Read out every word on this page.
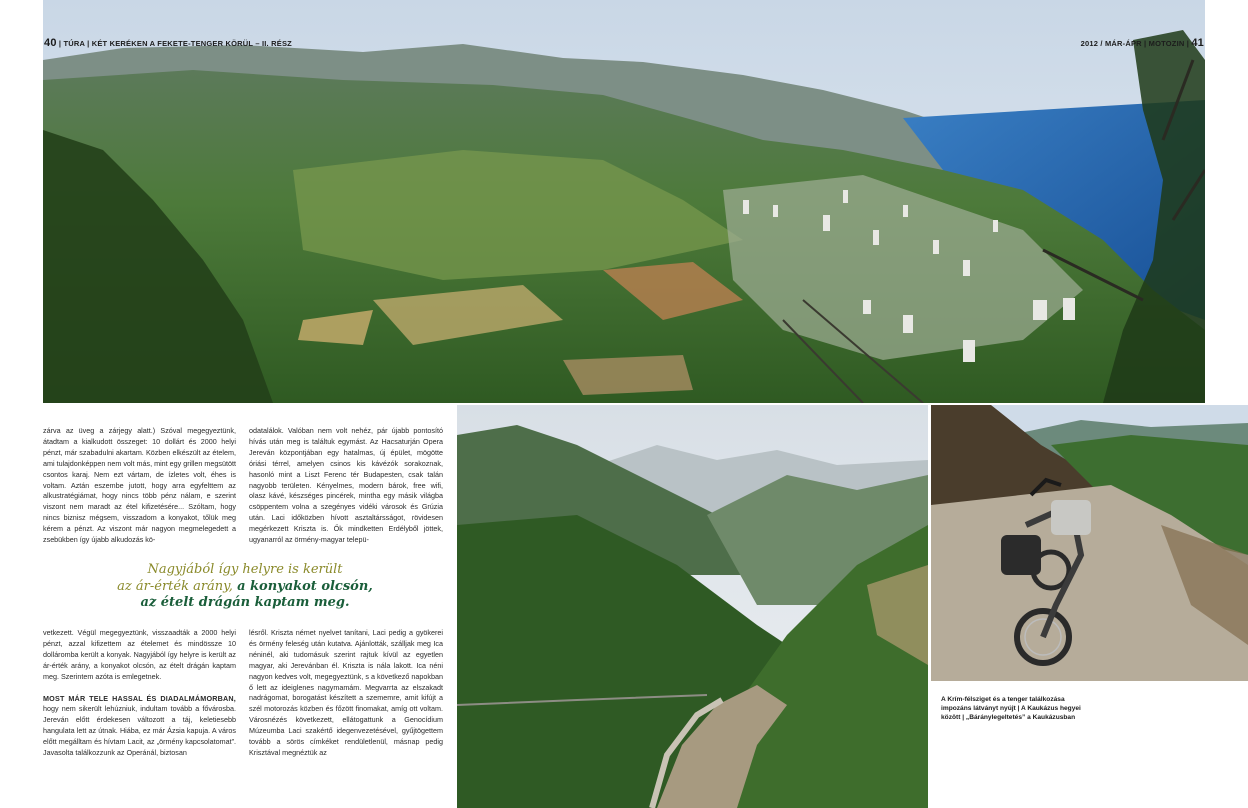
40 | TÚRA | KÉT KERÉKEN A FEKETE-TENGER KÖRÜL – II. RÉSZ	2012 / MÁR-ÁPR | MOTOZIN | 41

zárva az üveg a zárjegy alatt.) Szóval megegyeztünk, átadtam a kialkudott összeget: 10 dollárt és 2000 helyi pénzt, már szabadulni akartam. Közben elkészült az ételem, ami tulajdonképpen nem volt más, mint egy grillen megsütött csontos karaj. Nem ezt vártam, de ízletes volt, éhes is voltam. Aztán eszembe jutott, hogy arra egyfelttem az alkustratégiámat, hogy nincs több pénz nálam, e szerint viszont nem maradt az étel kifizetésére... Szóltam, hogy nincs biznisz mégsem, visszadom a konyakot, tőlük meg kérem a pénzt. Az viszont már nagyon megmelegedett a zsebükben így újabb alkudozás kö-

odatalálok. Valóban nem volt nehéz, pár újabb pontosító hívás után meg is találtuk egymást. Az Hacsaturján Opera Jereván központjában egy hatalmas, új épület, mögötte óriási térrel, amelyen csinos kis kávézók sorakoznak, hasonló mint a Liszt Ferenc tér Budapesten, csak talán nagyobb területen. Kényelmes, modern bárok, free wifi, olasz kávé, készséges pincérek, mintha egy másik világba csöppentem volna a szegényes vidéki városok és Grúzia után. Laci időközben hívott asztaltársságot, rövidesen megérkezett Kriszta is. Ők mindketten Erdélyből jöttek, ugyanarról az örmény-magyar telepü-

Nagyjából így helyre is került
az ár-érték arány, a konyakot olcsón,
az ételt drágán kaptam meg.

vetkezett. Végül megegyeztünk, visszaadták a 2000 helyi pénzt, azzal kifizettem az ételemet és mindössze 10 dolláromba került a konyak. Nagyjából így helyre is került az ár-érték arány, a konyakot olcsón, az ételt drágán kaptam meg. Szerintem azóta is emlegetnek.

MOST MÁR TELE HASSAL ÉS DIADALMÁMORBAN, hogy nem sikerült lehúzniuk, indultam tovább a fővárosba. Jereván előtt érdekesen változott a táj, keletiesebb hangulata lett az útnak. Hiába, ez már Ázsia kapuja. A város előtt megálltam és hívtam Lacit, az „örmény kapcsolatomat”. Javasolta találkozzunk az Operánál, biztosan

lésről. Kriszta német nyelvet tanítani, Laci pedig a gyökerei és örmény feleség után kutatva. Ajánlották, szálljak meg Ica néninél, aki tudomásuk szerint rajtuk kívül az egyetlen magyar, aki Jerevánban él. Kriszta is nála lakott. Ica néni nagyon kedves volt, megegyeztünk, s a következő napokban ő lett az ideiglenes nagymamám. Megvarrta az elszakadt nadrágomat, borogatást készített a szememre, amit kifújt a szél motorozás közben és főzött finomakat, amíg ott voltam. Városnézés következett, ellátogattunk a Genocídium Múzeumba Laci szakértő idegenvezetésével, gyűjtögettem tovább a sörös címkéket rendületlenül, másnap pedig Krisztával megnéztük az

A Krím-félsziget és a tenger találkozása
impozáns látványt nyújt | A Kaukázus hegyei
között | „Báránylegeltetés” a Kaukázusban
